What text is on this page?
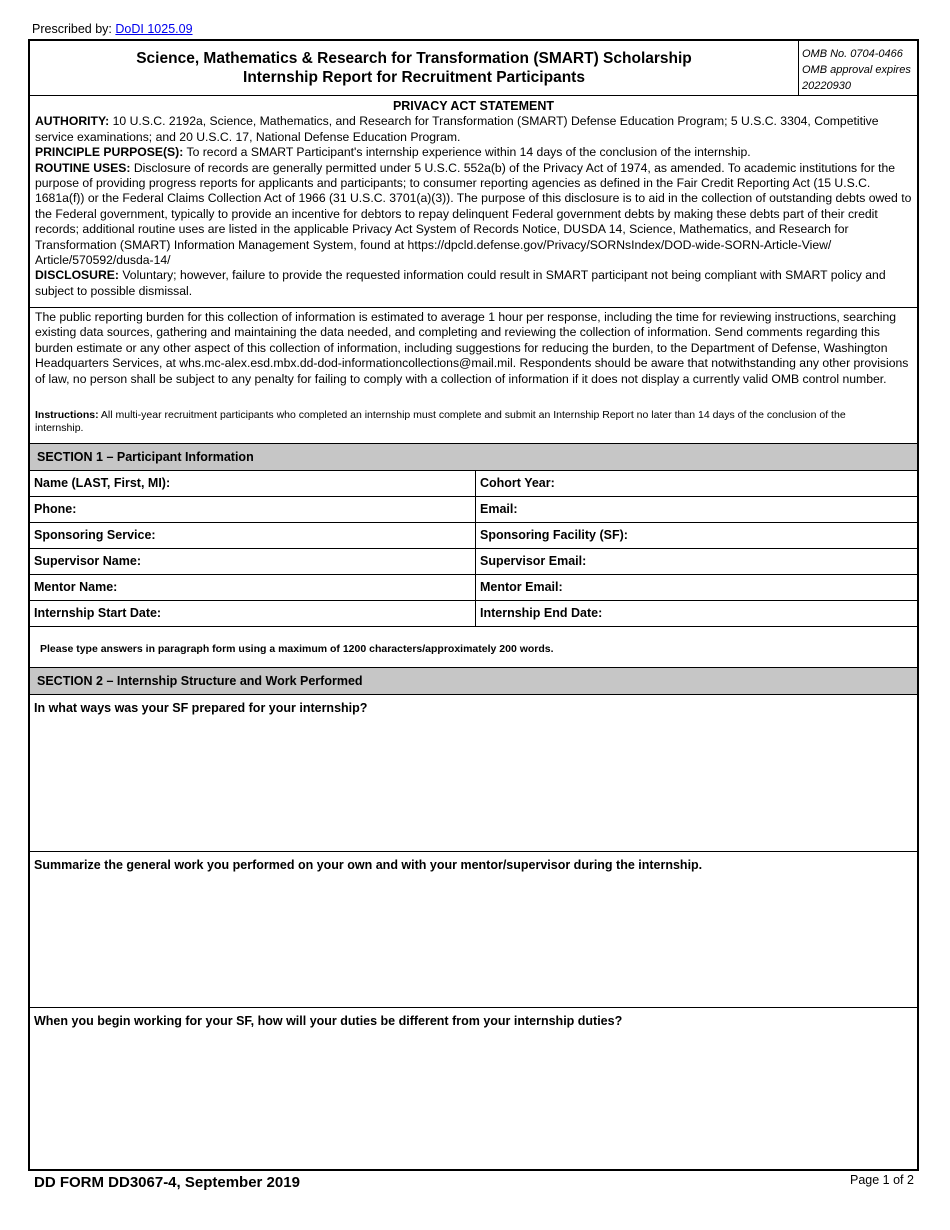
Prescribed by: DoDI 1025.09
Science, Mathematics & Research for Transformation (SMART) Scholarship
Internship Report for Recruitment Participants
OMB No. 0704-0466
OMB approval expires
20220930
PRIVACY ACT STATEMENT

AUTHORITY: 10 U.S.C. 2192a, Science, Mathematics, and Research for Transformation (SMART) Defense Education Program; 5 U.S.C. 3304, Competitive service examinations; and 20 U.S.C. 17, National Defense Education Program.

PRINCIPLE PURPOSE(S): To record a SMART Participant's internship experience within 14 days of the conclusion of the internship.

ROUTINE USES: Disclosure of records are generally permitted under 5 U.S.C. 552a(b) of the Privacy Act of 1974, as amended. To academic institutions for the purpose of providing progress reports for applicants and participants; to consumer reporting agencies as defined in the Fair Credit Reporting Act (15 U.S.C. 1681a(f)) or the Federal Claims Collection Act of 1966 (31 U.S.C. 3701(a)(3)). The purpose of this disclosure is to aid in the collection of outstanding debts owed to the Federal government, typically to provide an incentive for debtors to repay delinquent Federal government debts by making these debts part of their credit records; additional routine uses are listed in the applicable Privacy Act System of Records Notice, DUSDA 14, Science, Mathematics, and Research for Transformation (SMART) Information Management System, found at https://dpcld.defense.gov/Privacy/SORNsIndex/DOD-wide-SORN-Article-View/ Article/570592/dusda-14/

DISCLOSURE: Voluntary; however, failure to provide the requested information could result in SMART participant not being compliant with SMART policy and subject to possible dismissal.

The public reporting burden for this collection of information is estimated to average 1 hour per response, including the time for reviewing instructions, searching existing data sources, gathering and maintaining the data needed, and completing and reviewing the collection of information. Send comments regarding this burden estimate or any other aspect of this collection of information, including suggestions for reducing the burden, to the Department of Defense, Washington Headquarters Services, at whs.mc-alex.esd.mbx.dd-dod-informationcollections@mail.mil. Respondents should be aware that notwithstanding any other provisions of law, no person shall be subject to any penalty for failing to comply with a collection of information if it does not display a currently valid OMB control number.

Instructions: All multi-year recruitment participants who completed an internship must complete and submit an Internship Report no later than 14 days of the conclusion of the internship.
SECTION 1 – Participant Information
Name (LAST, First, MI):	Cohort Year:
Phone:	Email:
Sponsoring Service:	Sponsoring Facility (SF):
Supervisor Name:	Supervisor Email:
Mentor Name:	Mentor Email:
Internship Start Date:	Internship End Date:
Please type answers in paragraph form using a maximum of 1200 characters/approximately 200 words.
SECTION 2 – Internship Structure and Work Performed
In what ways was your SF prepared for your internship?
Summarize the general work you performed on your own and with your mentor/supervisor during the internship.
When you begin working for your SF, how will your duties be different from your internship duties?
DD FORM DD3067-4, September 2019	Page 1 of 2
